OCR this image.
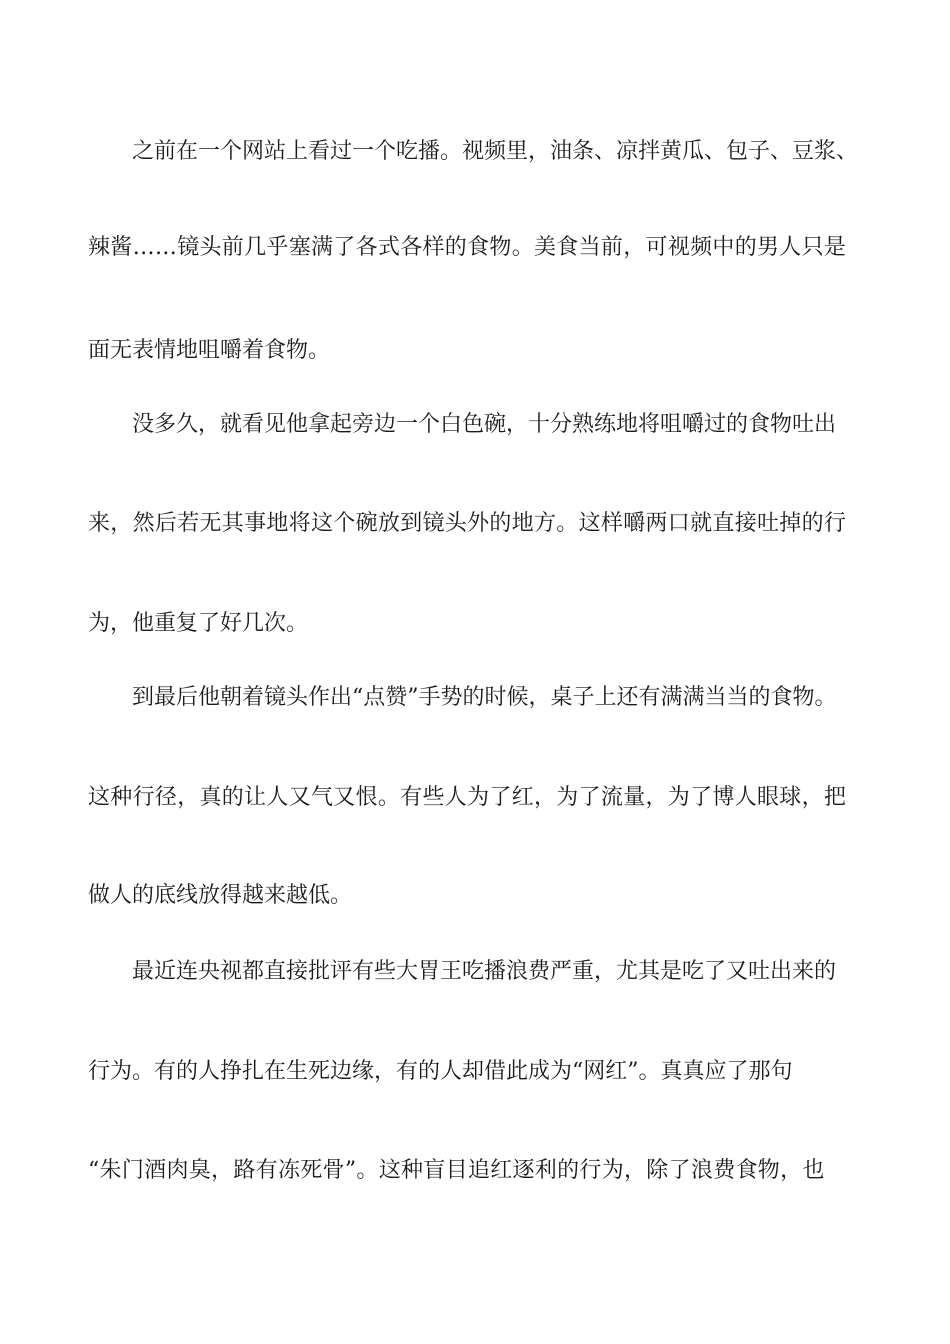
之前在一个网站上看过一个吃播。视频里，油条、凉拌黄瓜、包子、豆浆、
辣酱……镜头前几乎塞满了各式各样的食物。美食当前，可视频中的男人只是
面无表情地咀嚼着食物。
没多久，就看见他拿起旁边一个白色碗，十分熟练地将咀嚼过的食物吐出
来，然后若无其事地将这个碗放到镜头外的地方。这样嚼两口就直接吐掉的行
为，他重复了好几次。
到最后他朝着镜头作出“点赞”手势的时候，桌子上还有满满当当的食物。
这种行径，真的让人又气又恨。有些人为了红，为了流量，为了博人眼球，把
做人的底线放得越来越低。
最近连央视都直接批评有些大胃王吃播浪费严重，尤其是吃了又吐出来的
行为。有的人挣扎在生死边缘，有的人却借此成为“网红”。真真应了那句
“朱门酒肉臭，路有冻死骨”。这种盲目追红逐利的行为，除了浪费食物，也
